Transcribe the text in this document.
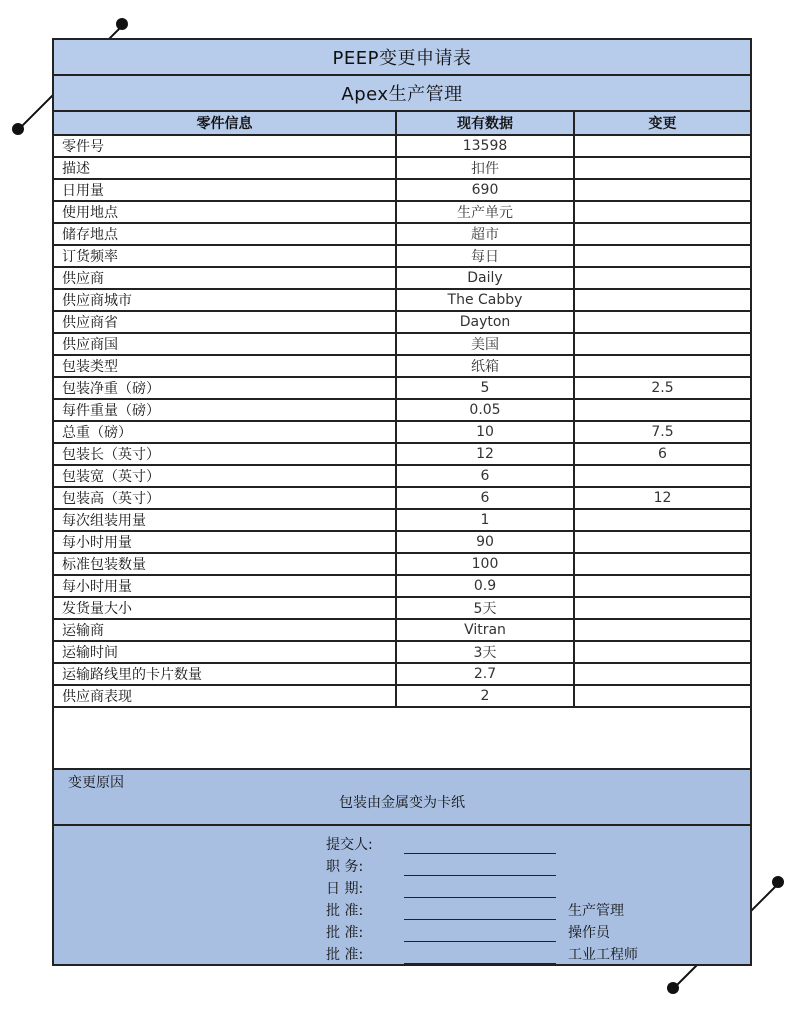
PEEP变更申请表
Apex生产管理
零件信息	现有数据	变更
零件号	13598	
描述	扣件	
日用量	690	
使用地点	生产单元	
储存地点	超市	
订货频率	每日	
供应商	Daily	
供应商城市	The Cabby	
供应商省	Dayton	
供应商国	美国	
包装类型	纸箱	
包装净重（磅）	5	2.5
每件重量（磅）	0.05	
总重（磅）	10	7.5
包装长（英寸）	12	6
包装宽（英寸）	6	
包装高（英寸）	6	12
每次组装用量	1	
每小时用量	90	
标准包装数量	100	
每小时用量	0.9	
发货量大小	5天	
运输商	Vitran	
运输时间	3天	
运输路线里的卡片数量	2.7	
供应商表现	2	
变更原因
包装由金属变为卡纸
提交人:
职 务:
日 期:
批 准:	生产管理
批 准:	操作员
批 准:	工业工程师
